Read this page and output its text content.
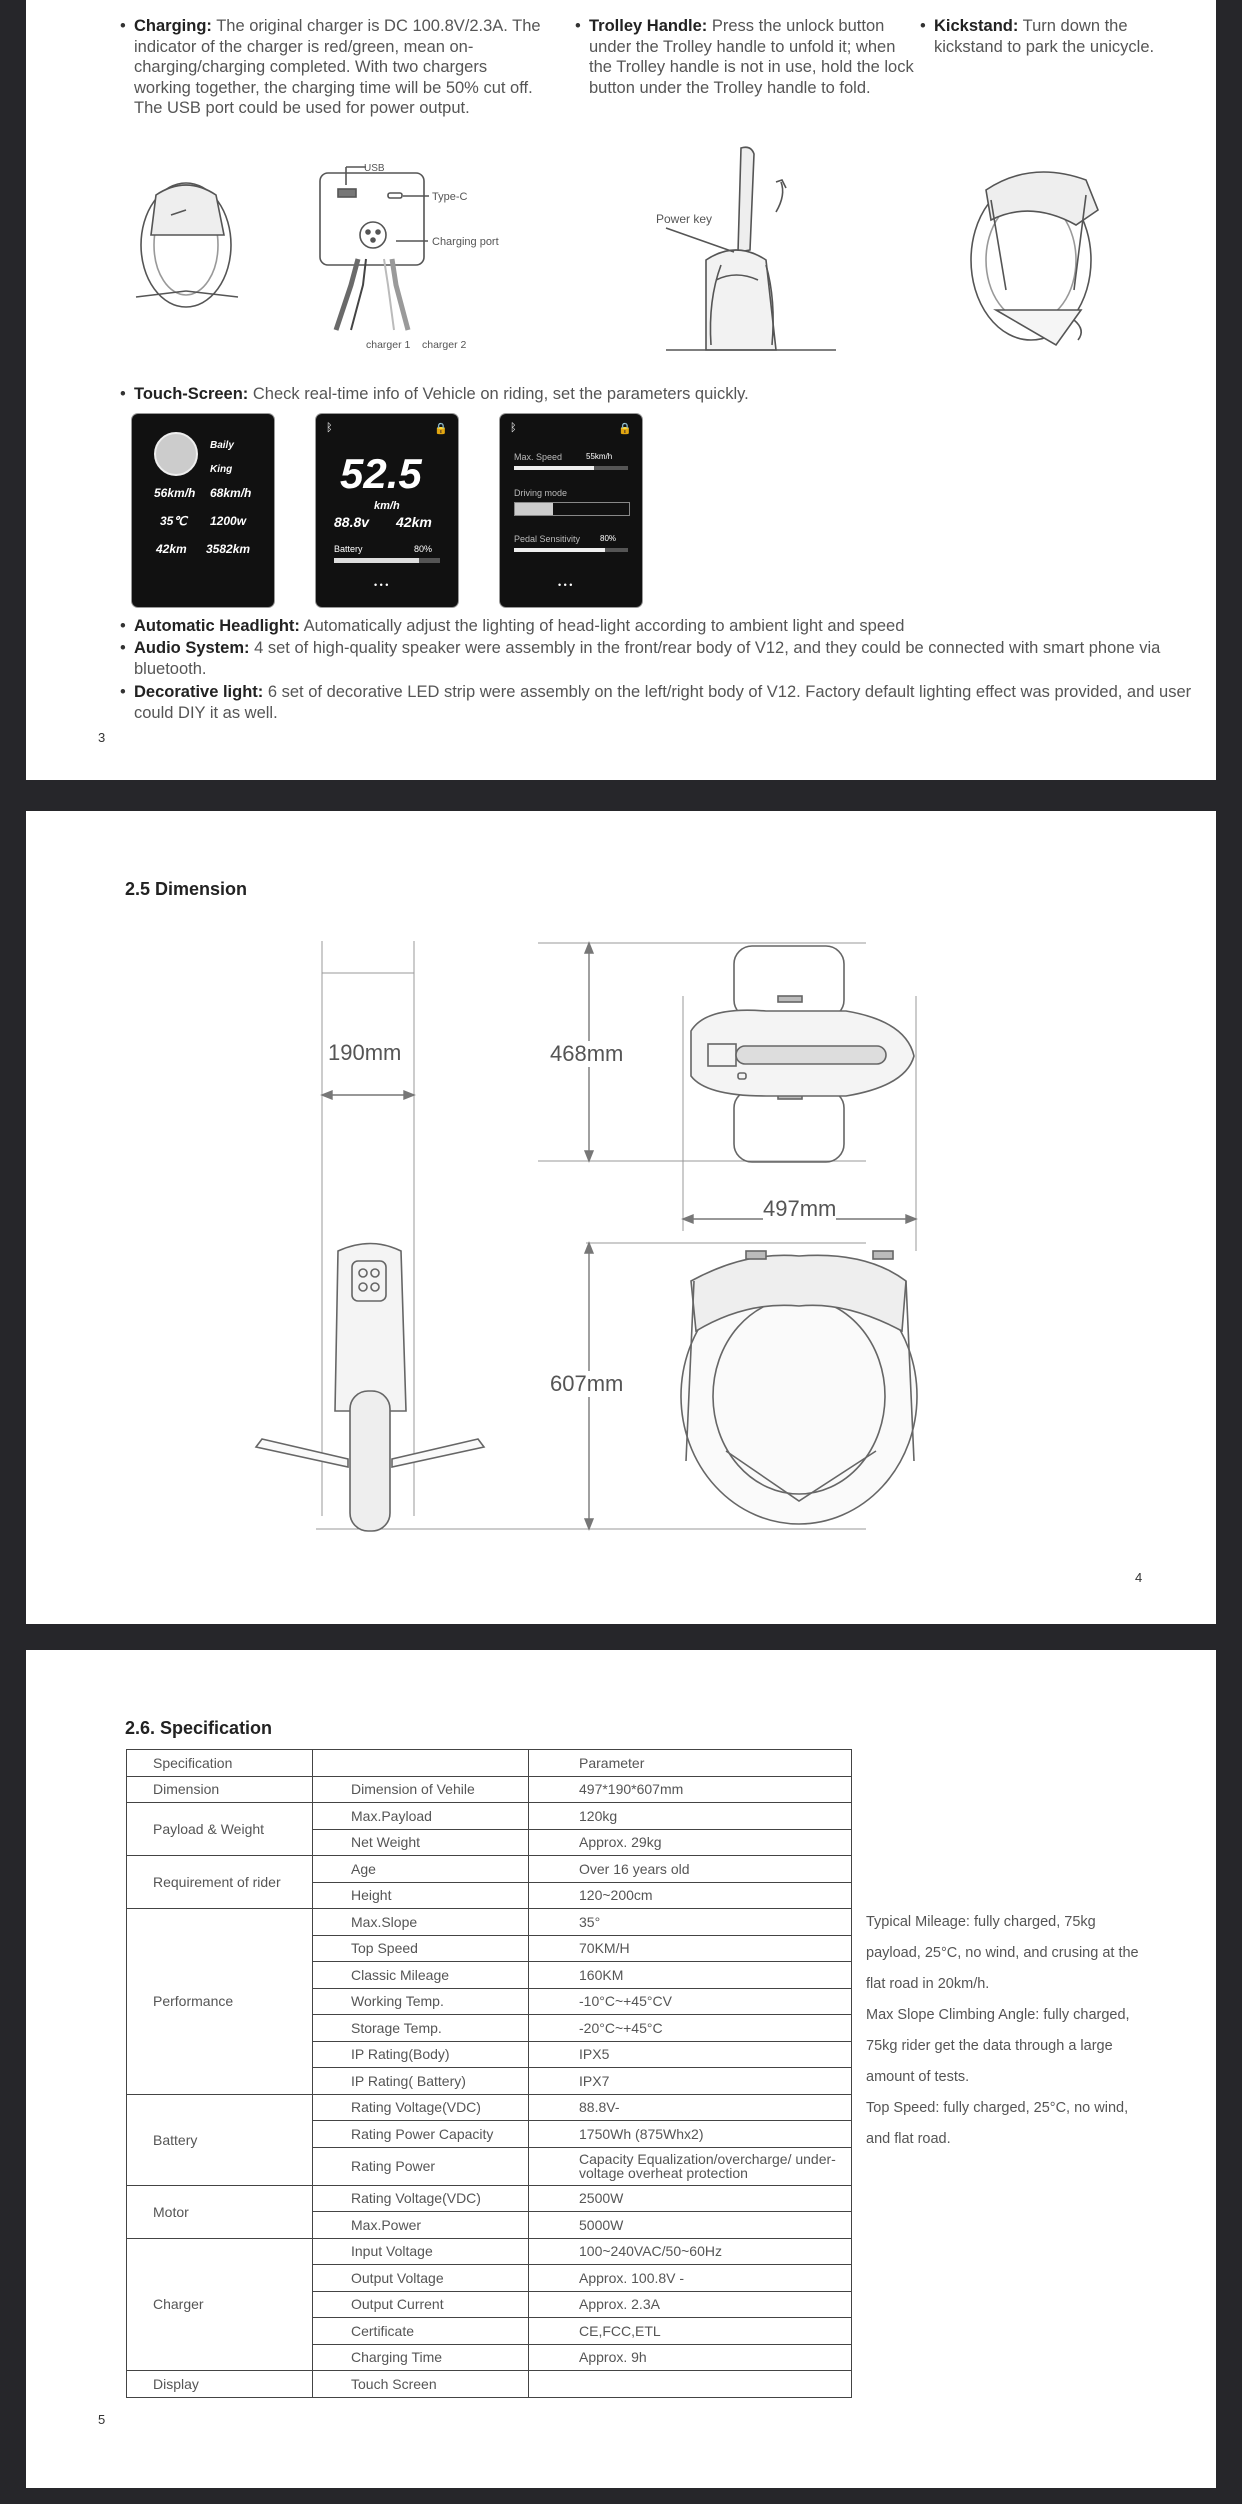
• Charging: The original charger is DC 100.8V/2.3A. The indicator of the charger is red/green, mean on-charging/charging completed. With two chargers working together, the charging time will be 50% cut off. The USB port could be used for power output.
• Trolley Handle: Press the unlock button under the Trolley handle to unfold it; when the Trolley handle is not in use, hold the lock button under the Trolley handle to fold.
• Kickstand: Turn down the kickstand to park the unicycle.
USB
Type-C
Charging port
charger 1 charger 2
Power key
• Touch-Screen: Check real-time info of Vehicle on riding, set the parameters quickly.
Baily
King
56km/h 68km/h
35℃ 1200w
42km 3582km
ᛒ	🔒
52.5
km/h
88.8v 42km
Battery	80%
• • •
ᛒ	🔒
Max. Speed	55km/h
Driving mode
Pedal Sensitivity 80%
• • •
• Automatic Headlight: Automatically adjust the lighting of head-light according to ambient light and speed
• Audio System: 4 set of high-quality speaker were assembly in the front/rear body of V12, and they could be connected with smart phone via bluetooth.
• Decorative light: 6 set of decorative LED strip were assembly on the left/right body of V12. Factory default lighting effect was provided, and user could DIY it as well.
3
2.5 Dimension
190mm	468mm
497mm
607mm
4
2.6. Specification
Specification		Parameter
Dimension	Dimension of Vehile	497*190*607mm
Payload & Weight	Max.Payload	120kg
	Net Weight	Approx. 29kg
Requirement of rider	Age	Over 16 years old
	Height	120~200cm
Performance	Max.Slope	35°
	Top Speed	70KM/H
	Classic Mileage	160KM
	Working Temp.	-10°C~+45°CV
	Storage Temp.	-20°C~+45°C
	IP Rating(Body)	IPX5
	IP Rating( Battery)	IPX7
Battery	Rating Voltage(VDC)	88.8V-
	Rating Power Capacity	1750Wh (875Whx2)
	Rating Power	Capacity Equalization/overcharge/ under-voltage overheat protection
Motor	Rating Voltage(VDC)	2500W
	Max.Power	5000W
Charger	Input Voltage	100~240VAC/50~60Hz
	Output Voltage	Approx. 100.8V -
	Output Current	Approx. 2.3A
	Certificate	CE,FCC,ETL
	Charging Time	Approx. 9h
Display	Touch Screen	
Typical Mileage: fully charged, 75kg payload, 25°C, no wind, and crusing at the flat road in 20km/h.
Max Slope Climbing Angle: fully charged, 75kg rider get the data through a large amount of tests.
Top Speed: fully charged, 25°C, no wind, and flat road.
5
